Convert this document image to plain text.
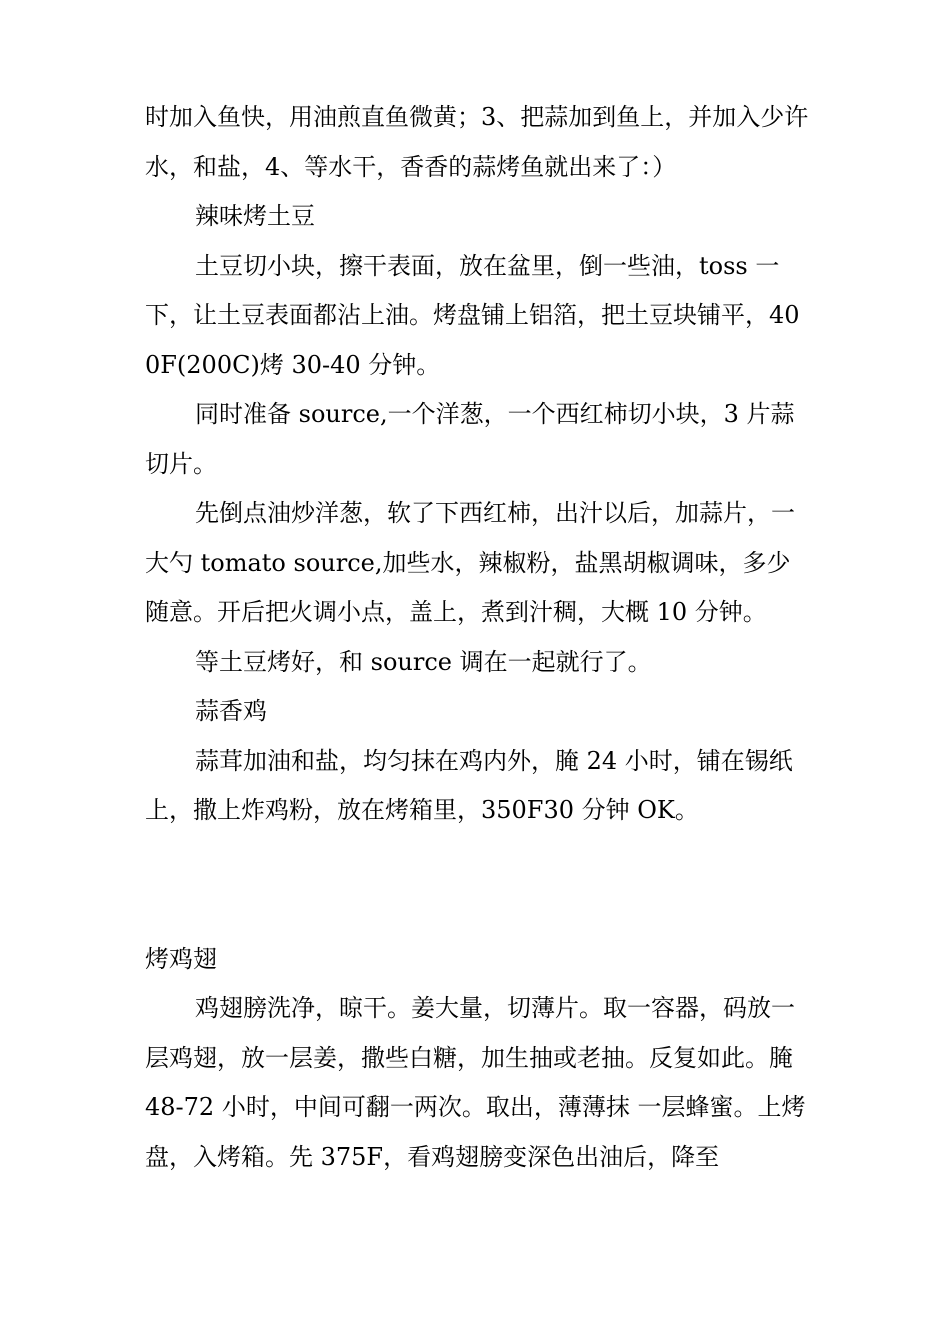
时加入鱼快，用油煎直鱼微黄；3、把蒜加到鱼上，并加入少许水，和盐，4、等水干，香香的蒜烤鱼就出来了：）

辣味烤土豆

土豆切小块，擦干表面，放在盆里，倒一些油，toss 一下，让土豆表面都沾上油。烤盘铺上铝箔，把土豆块铺平，400F(200C)烤 30-40 分钟。

同时准备 source,一个洋葱，一个西红柿切小块，3 片蒜切片。

先倒点油炒洋葱，软了下西红柿，出汁以后，加蒜片，一大勺 tomato source,加些水，辣椒粉，盐黑胡椒调味，多少随意。开后把火调小点，盖上，煮到汁稠，大概 10 分钟。

等土豆烤好，和 source 调在一起就行了。

蒜香鸡

蒜茸加油和盐，均匀抹在鸡内外，腌 24 小时，铺在锡纸上，撒上炸鸡粉，放在烤箱里，350F30 分钟 OK。

烤鸡翅

鸡翅膀洗净，晾干。姜大量，切薄片。取一容器，码放一层鸡翅，放一层姜，撒些白糖，加生抽或老抽。反复如此。腌 48-72 小时，中间可翻一两次。取出，薄薄抹 一层蜂蜜。上烤盘，入烤箱。先 375F，看鸡翅膀变深色出油后，降至
